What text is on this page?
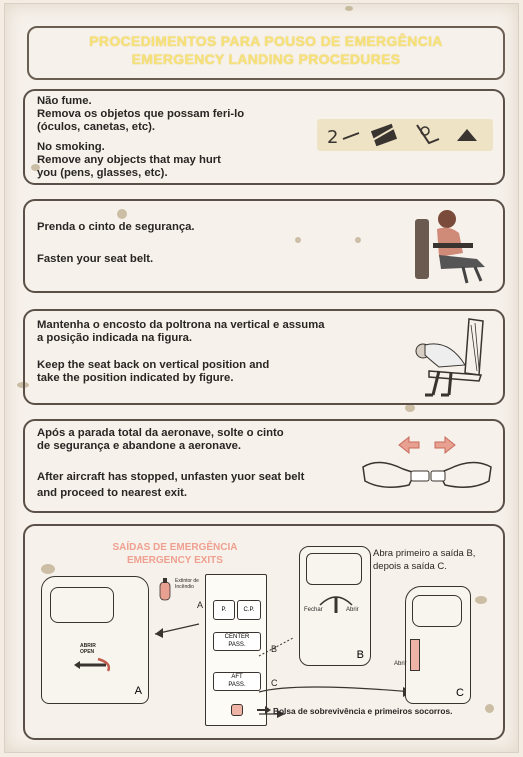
PROCEDIMENTOS PARA POUSO DE EMERGÊNCIA
EMERGENCY LANDING PROCEDURES
Não fume.
Remova os objetos que possam feri-lo
(óculos, canetas, etc).
No smoking.
Remove any objects that may hurt
you (pens, glasses, etc).
2
Prenda o cinto de segurança.
Fasten your seat belt.
Mantenha o encosto da poltrona na vertical e assuma
a posição indicada na figura.
Keep the seat back on vertical position and
take the position indicated by figure.
Após a parada total da aeronave, solte o cinto
de segurança e abandone a aeronave.
After aircraft has stopped, unfasten yuor seat belt
and proceed to nearest exit.
SAÍDAS DE EMERGÊNCIA
EMERGENCY EXITS
Abra primeiro a saída B,
depois a saída C.
ABRIR
OPEN
A
P.	C.P.
CENTER
PASS.
AFT
PASS.
Extintor de
Incêndio
A
B
C
Fechar	Abrir
B
Abrir
C
Bolsa de sobrevivência e primeiros socorros.
